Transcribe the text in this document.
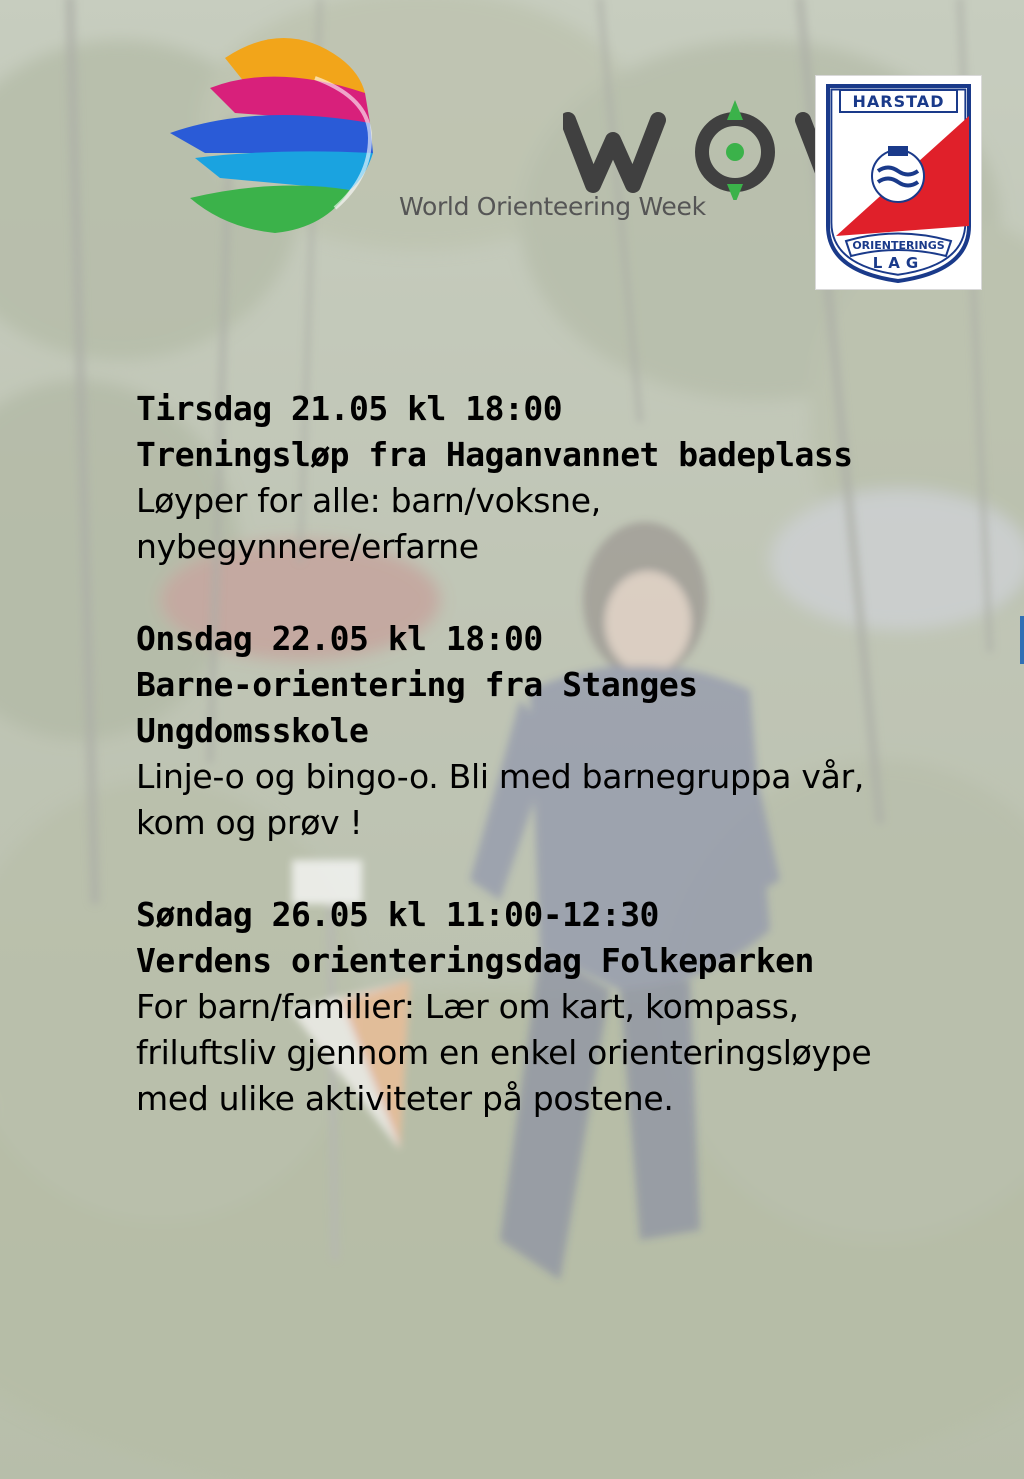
World Orienteering Week
HARSTAD
ORIENTERINGS
LAG
Tirsdag 21.05 kl 18:00
Treningsløp fra Haganvannet badeplass
Løyper for alle: barn/voksne, nybegynnere/erfarne
Onsdag 22.05 kl 18:00
Barne-orientering fra Stanges Ungdomsskole
Linje-o og bingo-o. Bli med barnegruppa vår, kom og prøv !
Søndag 26.05 kl 11:00-12:30
Verdens orienteringsdag Folkeparken
For barn/familier: Lær om kart, kompass, friluftsliv gjennom en enkel orienteringsløype med ulike aktiviteter på postene.
